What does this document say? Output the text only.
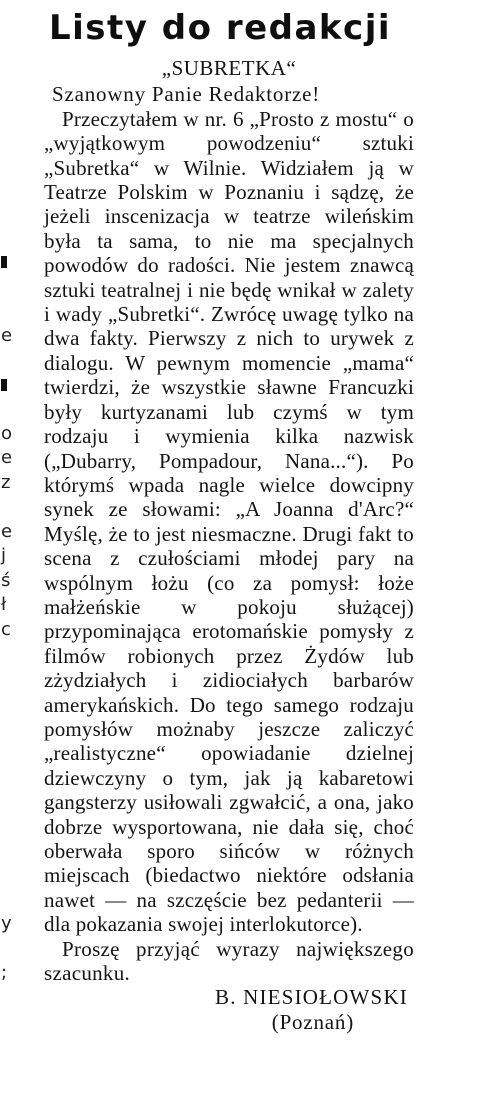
e
o
e
z
e
j
ś
ł
c
y
;
Listy do redakcji

„SUBRETKA“

Szanowny Panie Redaktorze!

Przeczytałem w nr. 6 „Prosto z mostu“ o „wyjątkowym powodzeniu“ sztuki „Subretka“ w Wilnie. Widziałem ją w Teatrze Polskim w Poznaniu i sądzę, że jeżeli inscenizacja w teatrze wileńskim była ta sama, to nie ma specjalnych powodów do radości. Nie jestem znawcą sztuki teatralnej i nie będę wnikał w zalety i wady „Subretki“. Zwrócę uwagę tylko na dwa fakty. Pierwszy z nich to urywek z dialogu. W pewnym momencie „mama“ twierdzi, że wszystkie sławne Francuzki były kurtyzanami lub czymś w tym rodzaju i wymienia kilka nazwisk („Dubarry, Pompadour, Nana...“). Po którymś wpada nagle wielce dowcipny synek ze słowami: „A Joanna d'Arc?“ Myślę, że to jest niesmaczne. Drugi fakt to scena z czułościami młodej pary na wspólnym łożu (co za pomysł: łoże małżeńskie w pokoju służącej) przypominająca erotomańskie pomysły z filmów robionych przez Żydów lub zżydziałych i zidiociałych barbarów amerykańskich. Do tego samego rodzaju pomysłów możnaby jeszcze zaliczyć „realistyczne“ opowiadanie dzielnej dziewczyny o tym, jak ją kabaretowi gangsterzy usiłowali zgwałcić, a ona, jako dobrze wysportowana, nie dała się, choć oberwała sporo sińców w różnych miejscach (biedactwo niektóre odsłania nawet — na szczęście bez pedanterii — dla pokazania swojej interlokutorce).

Proszę przyjąć wyrazy największego szacunku.

B. NIESIOŁOWSKI

(Poznań)
